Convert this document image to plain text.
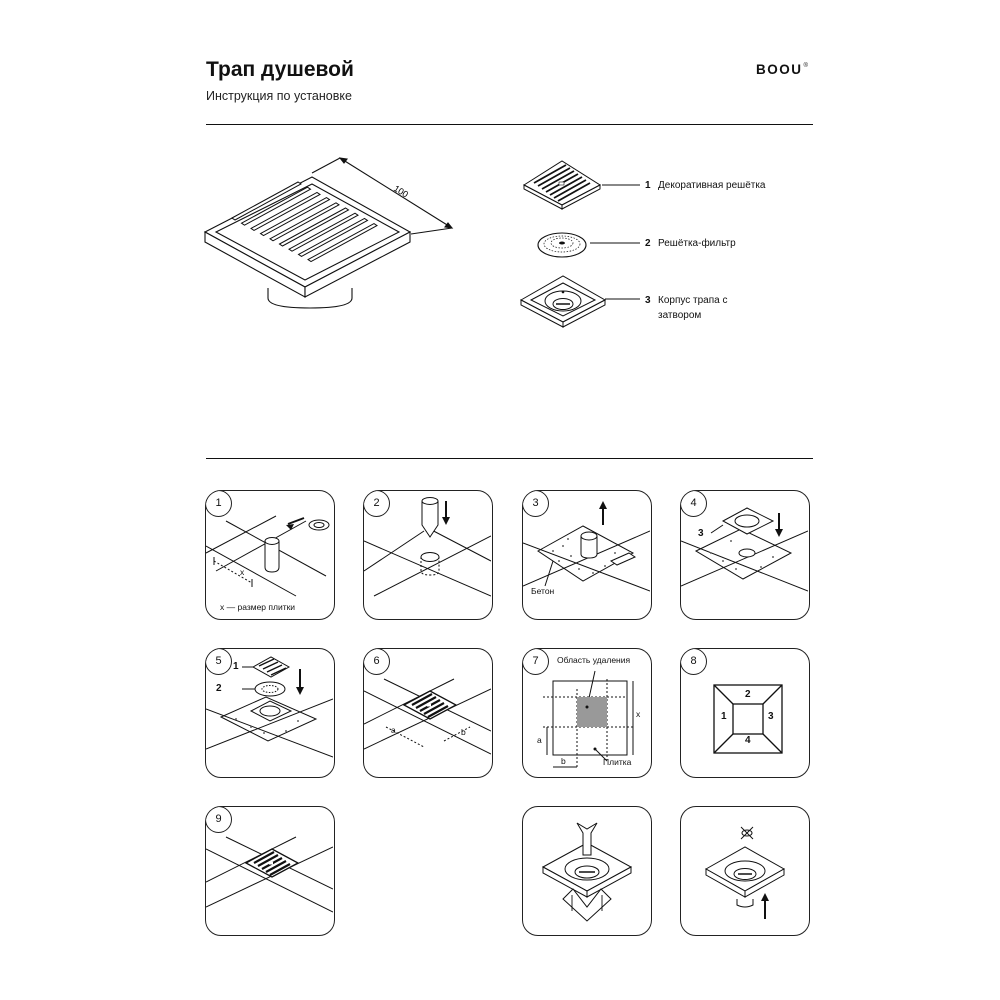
Трап душевой
Инструкция по установке
BOOU®
100	1 Декоративная решётка
2 Решётка-фильтр
3 Корпус трапа с затвором
1
x
x — размер плитки
2	3
Бетон
4
3
5	1
2
6
a	b
7	Область удаления
x
a
b	Плитка
8
1
2
3
4
9
